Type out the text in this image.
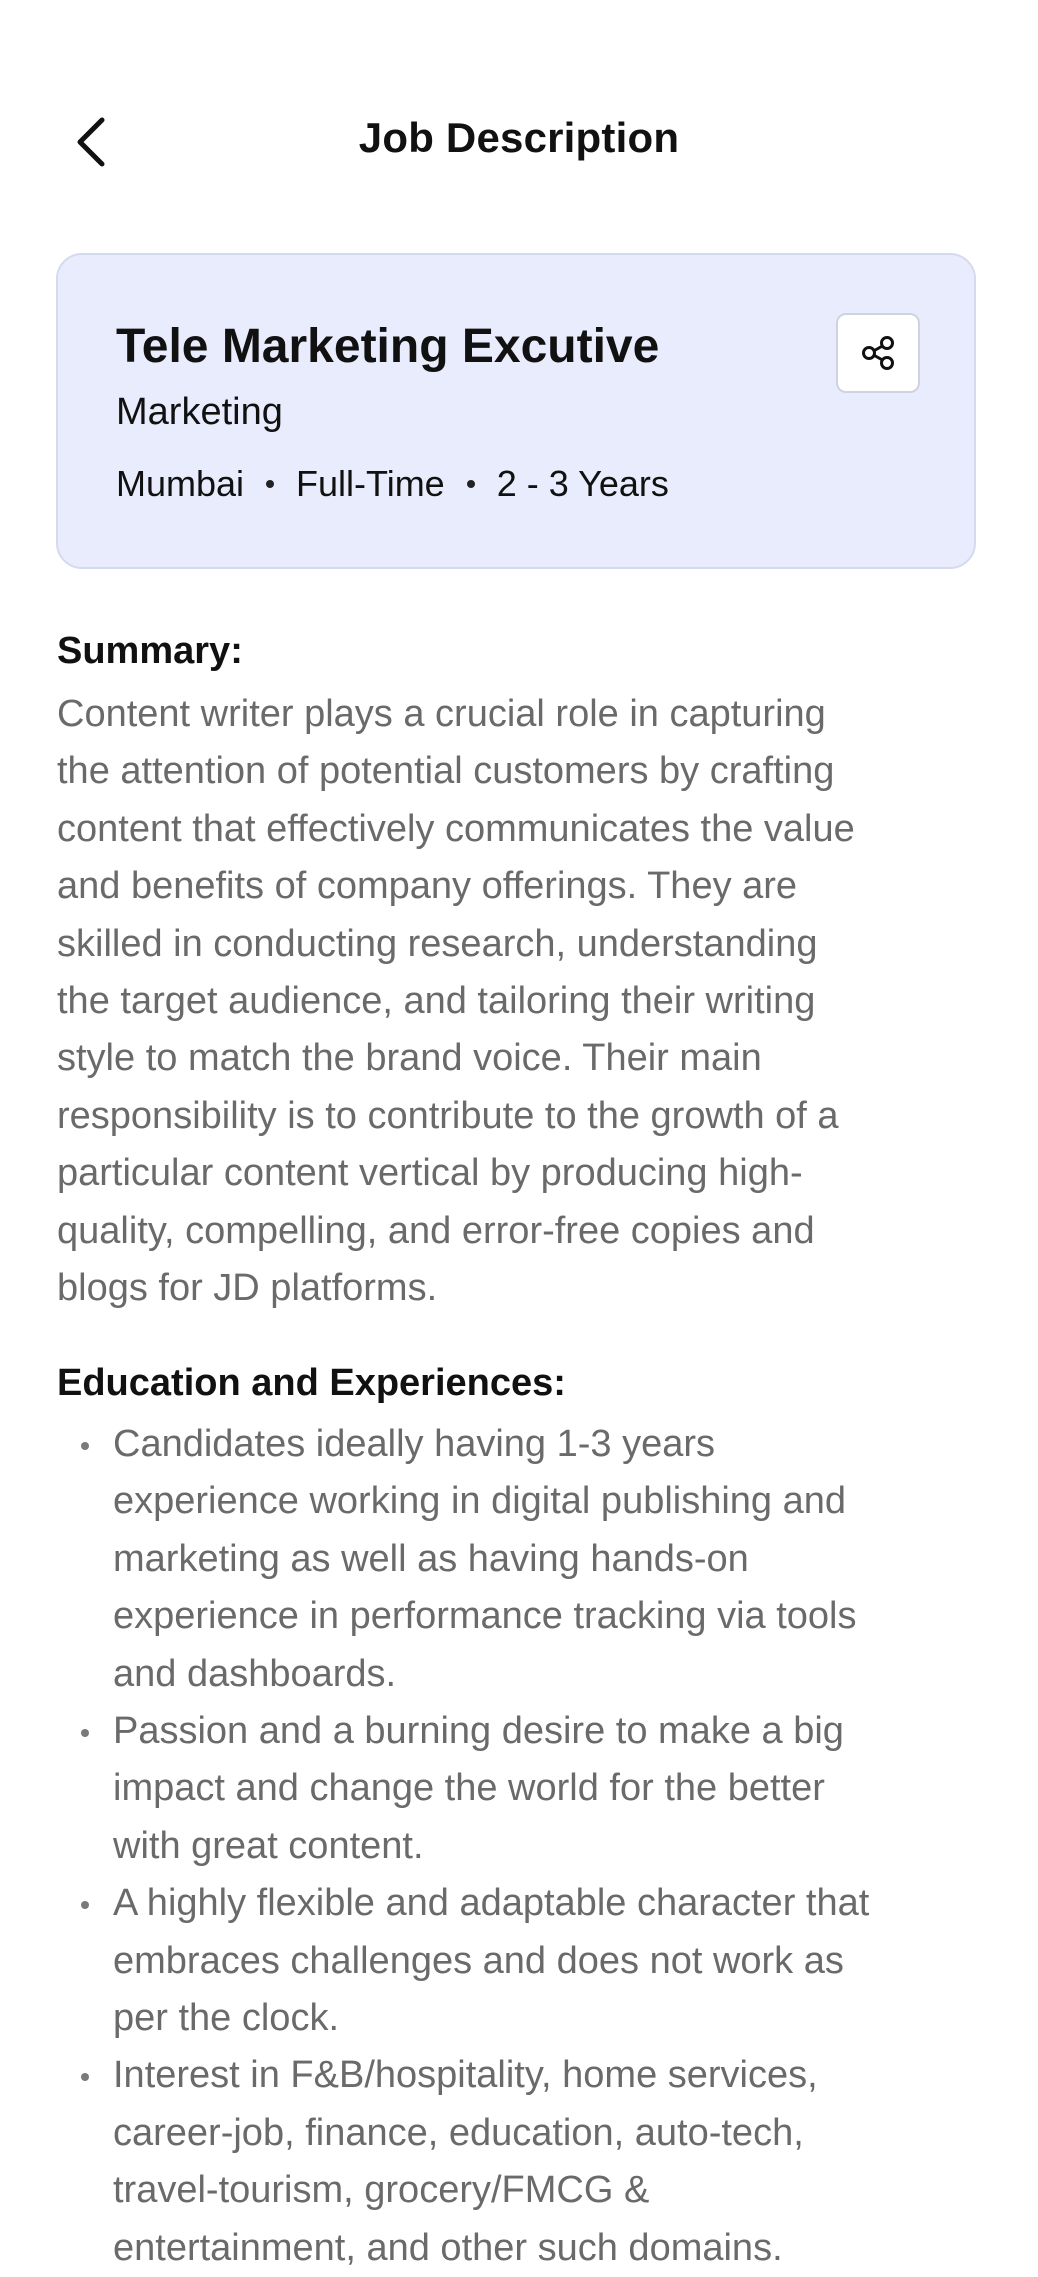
Job Description
Tele Marketing Excutive
Marketing
Mumbai Full-Time 2 - 3 Years
Summary:
Content writer plays a crucial role in capturing
the attention of potential customers by crafting
content that effectively communicates the value
and benefits of company offerings. They are
skilled in conducting research, understanding
the target audience, and tailoring their writing
style to match the brand voice. Their main
responsibility is to contribute to the growth of a
particular content vertical by producing high-
quality, compelling, and error-free copies and
blogs for JD platforms.
Education and Experiences:
Candidates ideally having 1-3 years
experience working in digital publishing and
marketing as well as having hands-on
experience in performance tracking via tools
and dashboards.
Passion and a burning desire to make a big
impact and change the world for the better
with great content.
A highly flexible and adaptable character that
embraces challenges and does not work as
per the clock.
Interest in F&B/hospitality, home services,
career-job, finance, education, auto-tech,
travel-tourism, grocery/FMCG &
entertainment, and other such domains.
